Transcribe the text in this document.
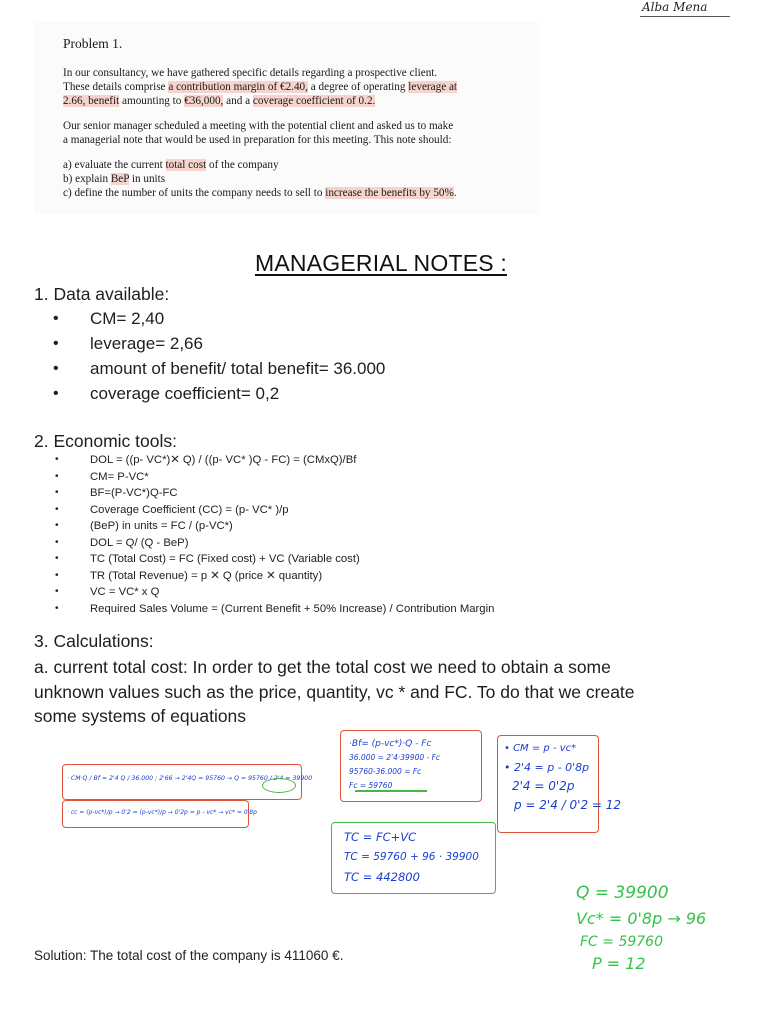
Alba Mena

Problem 1.

In our consultancy, we have gathered specific details regarding a prospective client.

These details comprise a contribution margin of €2.40, a degree of operating leverage at

2.66, benefit amounting to €36,000, and a coverage coefficient of 0.2.

Our senior manager scheduled a meeting with the potential client and asked us to make

a managerial note that would be used in preparation for this meeting. This note should:

a) evaluate the current total cost of the company

b) explain BeP in units

c) define the number of units the company needs to sell to increase the benefits by 50%.

MANAGERIAL NOTES :
1. Data available:
• CM= 2,40
• leverage= 2,66
• amount of benefit/ total benefit= 36.000
• coverage coefficient= 0,2
2. Economic tools:
• DOL = ((p- VC*)✕ Q) / ((p- VC* )Q - FC) = (CMxQ)/Bf
• CM= P-VC*
• BF=(P-VC*)Q-FC
• Coverage Coefficient (CC) = (p- VC* )/p
• (BeP) in units = FC / (p-VC*)
• DOL = Q/ (Q - BeP)
• TC (Total Cost) = FC (Fixed cost) + VC (Variable cost)
• TR (Total Revenue) = p ✕ Q (price ✕ quantity)
• VC = VC* x Q
• Required Sales Volume = (Current Benefit + 50% Increase) / Contribution Margin
3. Calculations:
a. current total cost: In order to get the total cost we need to obtain a some
unknown values such as the price, quantity, vc * and FC. To do that we create
some systems of equations
·Bf= (p-vc*)·Q - Fc
36.000 = 2'4·39900 - Fc
95760-36.000 = Fc
Fc = 59760
• CM = p - vc*
• 2'4 = p - 0'8p
2'4 = 0'2p
p = 2'4 / 0'2 = 12
TC = FC+VC
TC = 59760 + 96 · 39900
TC = 442800
· CM·Q / Bf = 2'4 Q / 36.000 ; 2'66 → 2'4Q = 95760 → Q = 95760 / 2'4 = 39900
· cc = (p-vc*)/p → 0'2 = (p-vc*)/p → 0'2p = p - vc* → vc* = 0'8p
Q = 39900
Vc* = 0'8p → 96
FC = 59760
P = 12
Solution: The total cost of the company is 411060 €.
